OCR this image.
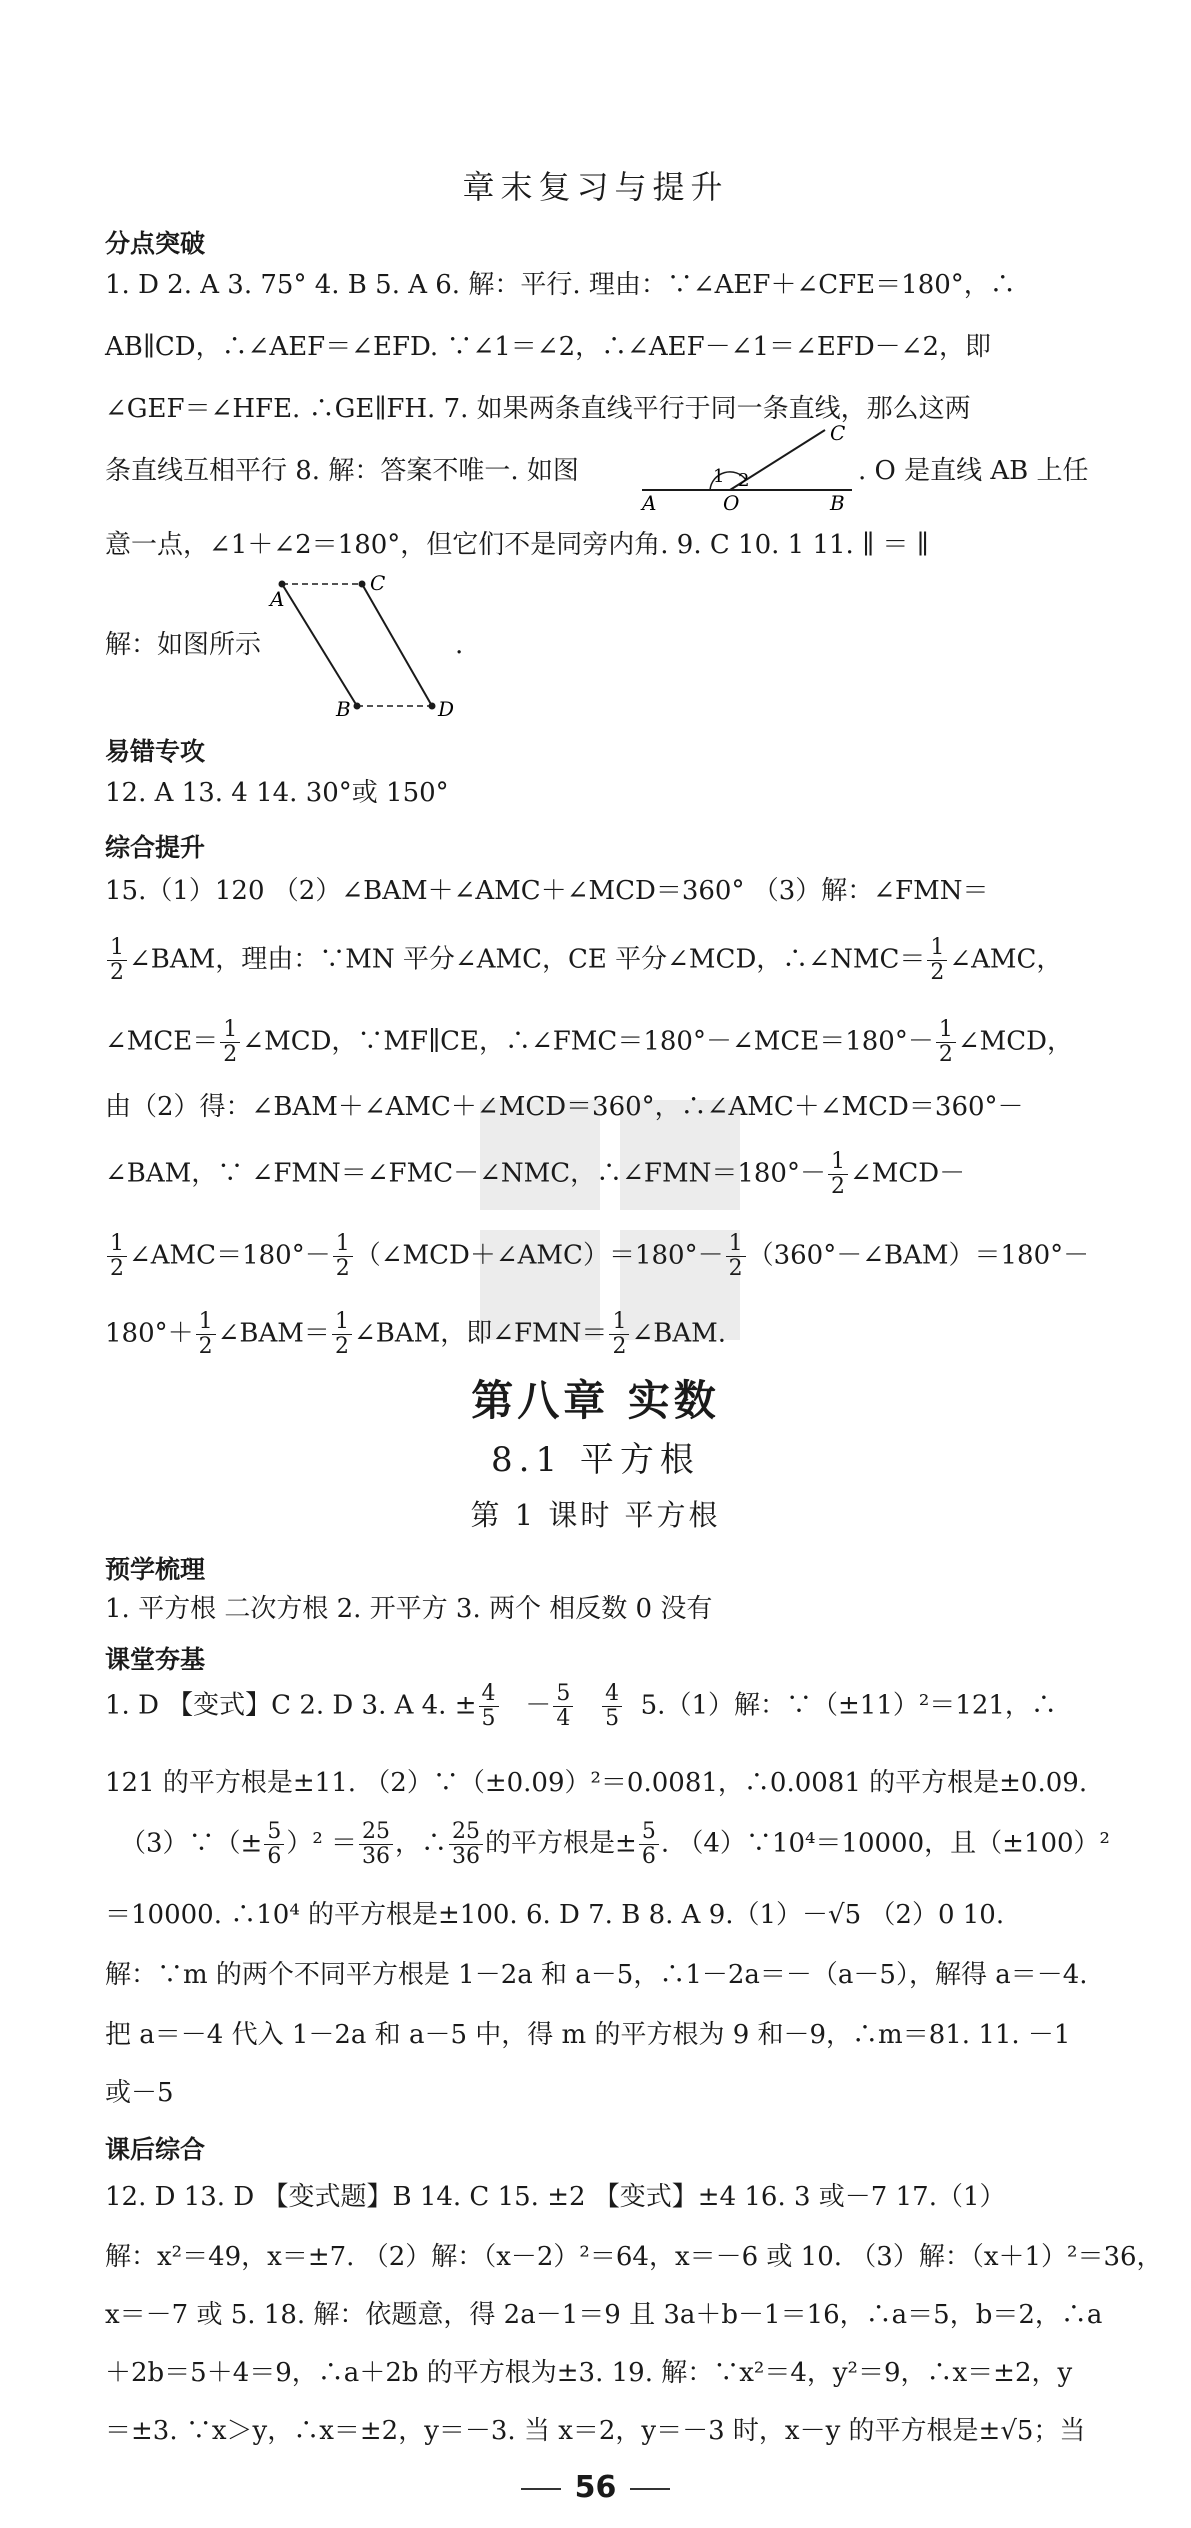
章末复习与提升
分点突破
1. D 2. A 3. 75° 4. B 5. A 6. 解：平行. 理由：∵∠AEF＋∠CFE＝180°，∴
AB∥CD，∴∠AEF＝∠EFD. ∵∠1＝∠2，∴∠AEF－∠1＝∠EFD－∠2，即
∠GEF＝∠HFE. ∴GE∥FH. 7. 如果两条直线平行于同一条直线，那么这两
条直线互相平行 8. 解：答案不唯一. 如图
C
1 2
A	O	B
. O 是直线 AB 上任
意一点，∠1＋∠2＝180°，但它们不是同旁内角. 9. C 10. 1 11. ∥ ＝ ∥
A
C
B	D
解：如图所示	.
易错专攻
12. A 13. 4 14. 30°或 150°
综合提升
15.（1）120 （2）∠BAM＋∠AMC＋∠MCD＝360° （3）解：∠FMN＝
$\frac{1}{2}$ ∠BAM，理由：∵MN 平分∠AMC，CE 平分∠MCD，∴∠NMC＝ $\frac{1}{2}$ ∠AMC，
∠MCE＝ $\frac{1}{2}$ ∠MCD，∵MF∥CE，∴∠FMC＝180°－∠MCE＝180°－ $\frac{1}{2}$ ∠MCD，
由（2）得：∠BAM＋∠AMC＋∠MCD＝360°，∴∠AMC＋∠MCD＝360°－
∠BAM，∵ ∠FMN＝∠FMC－∠NMC，∴∠FMN＝180°－ $\frac{1}{2}$ ∠MCD－
$\frac{1}{2}$ ∠AMC＝180°－ $\frac{1}{2}$ （∠MCD＋∠AMC）＝180°－ $\frac{1}{2}$ （360°－∠BAM）＝180°－
$180^\circ+ \frac{1}{2}$ ∠BAM＝ $\frac{1}{2}$ ∠BAM，即∠FMN＝ $\frac{1}{2}$ ∠BAM.
第八章 实数
8.1 平方根
第 1 课时 平方根
预学梳理
1. 平方根 二次方根 2. 开平方 3. 两个 相反数 0 没有
课堂夯基
1. D 【变式】C 2. D 3. A 4. ± $\frac{4}{5} - \frac{5}{4}$
$\frac{4}{5} 5.(1)$解：∵（±11）²＝121，∴
121 的平方根是±11. （2）∵（±0.09）²＝0.0081，∴0.0081 的平方根是±0.09.
（3）∵（± $\frac{5}{6} )^2 = \frac{25}{36}$ ，∴ $\frac{25}{36}$ 的平方根是± $\frac{5}{6}$ . （4）∵10⁴＝10000，且（±100）²
＝10000. ∴10⁴ 的平方根是±100. 6. D 7. B 8. A 9.（1）－√5 （2）0 10.
解：∵m 的两个不同平方根是 1－2a 和 a－5，∴1－2a＝－（a－5），解得 a＝－4.
把 a＝－4 代入 1－2a 和 a－5 中，得 m 的平方根为 9 和－9，∴m＝81. 11. －1
或－5
课后综合
12. D 13. D 【变式题】B 14. C 15. ±2 【变式】±4 16. 3 或－7 17.（1）
解：x²＝49，x＝±7. （2）解：（x－2）²＝64，x＝－6 或 10. （3）解：（x＋1）²＝36，
x＝－7 或 5. 18. 解：依题意，得 2a－1＝9 且 3a＋b－1＝16，∴a＝5，b＝2，∴a
＋2b＝5＋4＝9，∴a＋2b 的平方根为±3. 19. 解：∵x²＝4，y²＝9，∴x＝±2，y
＝±3. ∵x＞y，∴x＝±2，y＝－3. 当 x＝2，y＝－3 时，x－y 的平方根是±√5；当
56
